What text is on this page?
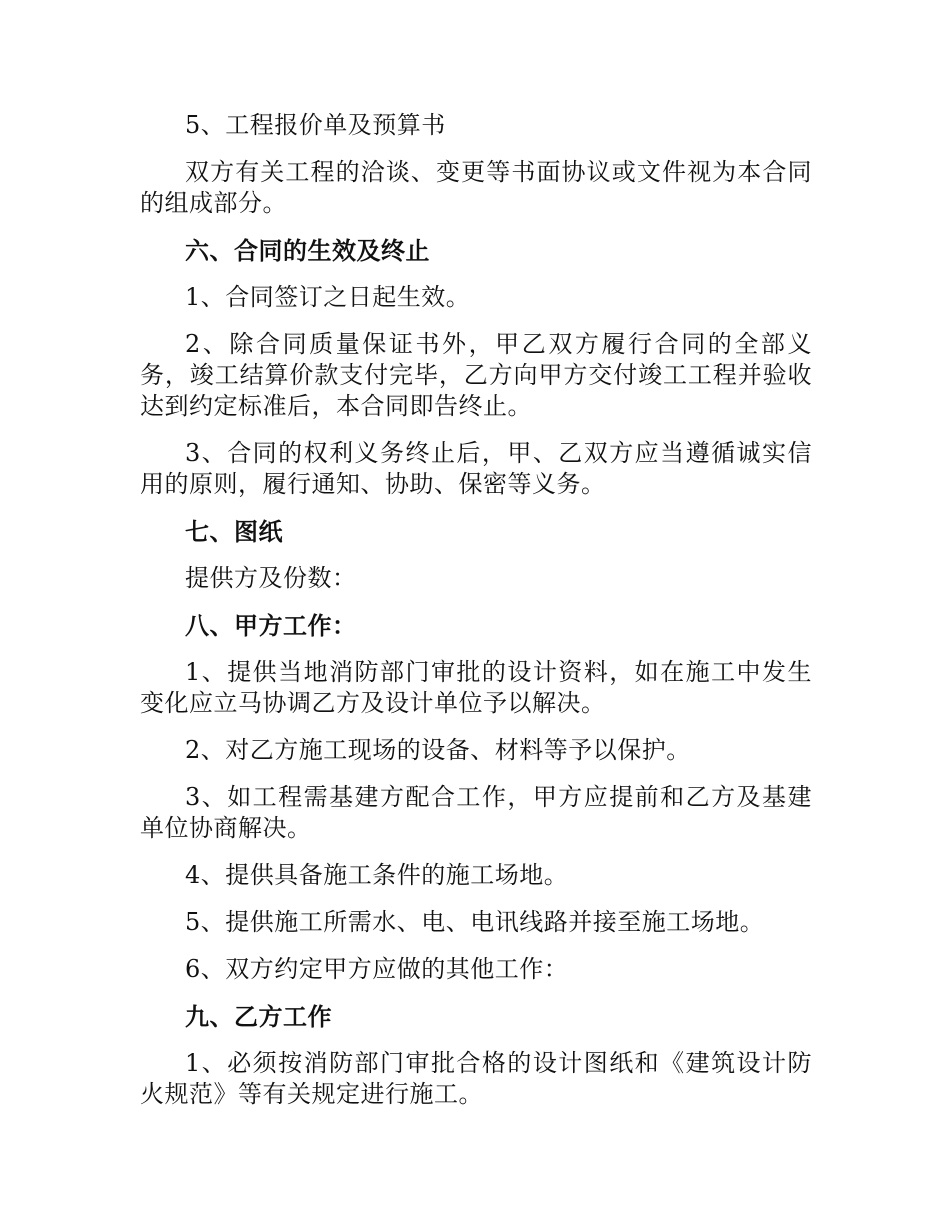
5、工程报价单及预算书

双方有关工程的洽谈、变更等书面协议或文件视为本合同的组成部分。

六、合同的生效及终止

1、合同签订之日起生效。

2、除合同质量保证书外，甲乙双方履行合同的全部义务，竣工结算价款支付完毕，乙方向甲方交付竣工工程并验收达到约定标准后，本合同即告终止。

3、合同的权利义务终止后，甲、乙双方应当遵循诚实信用的原则，履行通知、协助、保密等义务。

七、图纸

提供方及份数：

八、甲方工作：

1、提供当地消防部门审批的设计资料，如在施工中发生变化应立马协调乙方及设计单位予以解决。

2、对乙方施工现场的设备、材料等予以保护。

3、如工程需基建方配合工作，甲方应提前和乙方及基建单位协商解决。

4、提供具备施工条件的施工场地。

5、提供施工所需水、电、电讯线路并接至施工场地。

6、双方约定甲方应做的其他工作：

九、乙方工作

1、必须按消防部门审批合格的设计图纸和《建筑设计防火规范》等有关规定进行施工。
